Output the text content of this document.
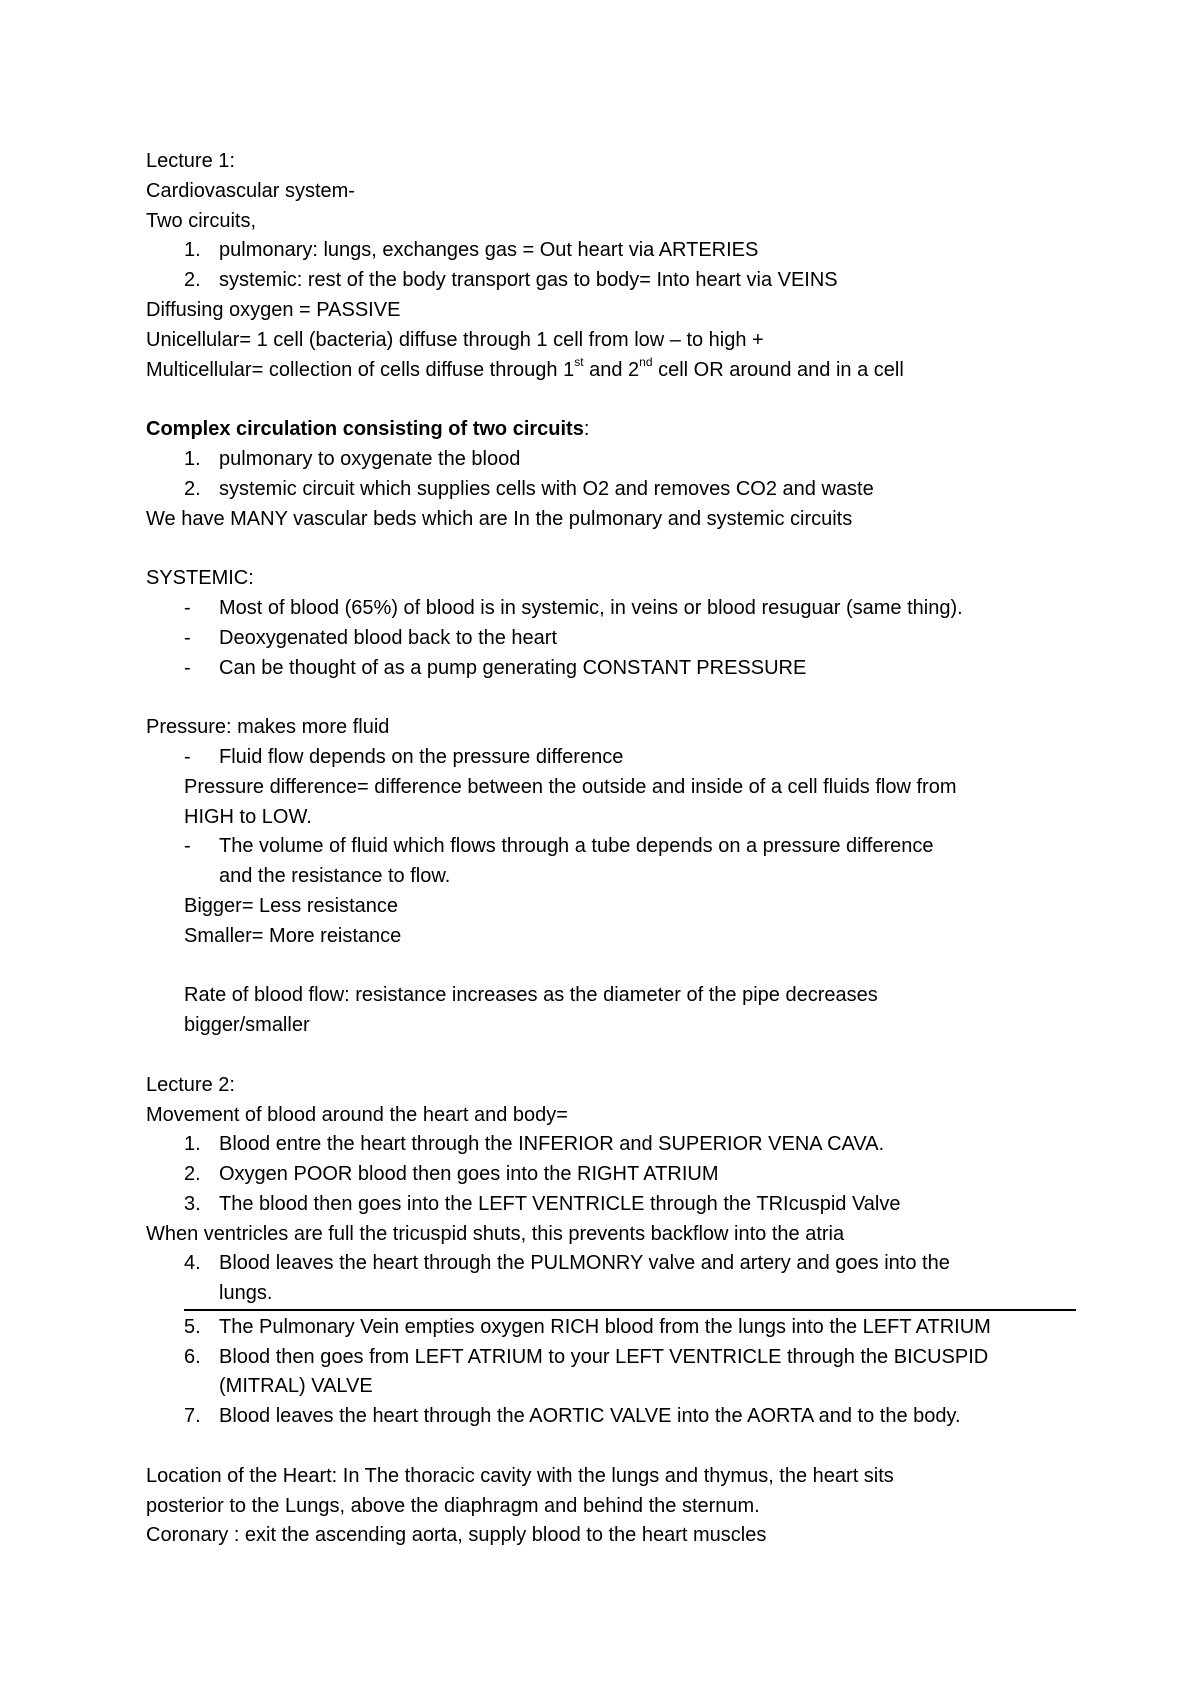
Lecture 1:
Cardiovascular system-
Two circuits,
1. pulmonary: lungs, exchanges gas = Out heart via ARTERIES
2. systemic: rest of the body transport gas to body= Into heart via VEINS
Diffusing oxygen = PASSIVE
Unicellular= 1 cell (bacteria) diffuse through 1 cell from low – to high +
Multicellular= collection of cells diffuse through 1st and 2nd cell OR around and in a cell
Complex circulation consisting of two circuits:
1. pulmonary to oxygenate the blood
2. systemic circuit which supplies cells with O2 and removes CO2 and waste
We have MANY vascular beds which are In the pulmonary and systemic circuits
SYSTEMIC:
- Most of blood (65%) of blood is in systemic, in veins or blood resuguar (same thing).
- Deoxygenated blood back to the heart
- Can be thought of as a pump generating CONSTANT PRESSURE
Pressure: makes more fluid
- Fluid flow depends on the pressure difference
Pressure difference= difference between the outside and inside of a cell fluids flow from
HIGH to LOW.
- The volume of fluid which flows through a tube depends on a pressure difference
and the resistance to flow.
Bigger= Less resistance
Smaller= More reistance
Rate of blood flow: resistance increases as the diameter of the pipe decreases
bigger/smaller
Lecture 2:
Movement of blood around the heart and body=
1. Blood entre the heart through the INFERIOR and SUPERIOR VENA CAVA.
2. Oxygen POOR blood then goes into the RIGHT ATRIUM
3. The blood then goes into the LEFT VENTRICLE through the TRIcuspid Valve
When ventricles are full the tricuspid shuts, this prevents backflow into the atria
4. Blood leaves the heart through the PULMONRY valve and artery and goes into the
lungs.
5. The Pulmonary Vein empties oxygen RICH blood from the lungs into the LEFT ATRIUM
6. Blood then goes from LEFT ATRIUM to your LEFT VENTRICLE through the BICUSPID
(MITRAL) VALVE
7. Blood leaves the heart through the AORTIC VALVE into the AORTA and to the body.
Location of the Heart: In The thoracic cavity with the lungs and thymus, the heart sits
posterior to the Lungs, above the diaphragm and behind the sternum.
Coronary : exit the ascending aorta, supply blood to the heart muscles
